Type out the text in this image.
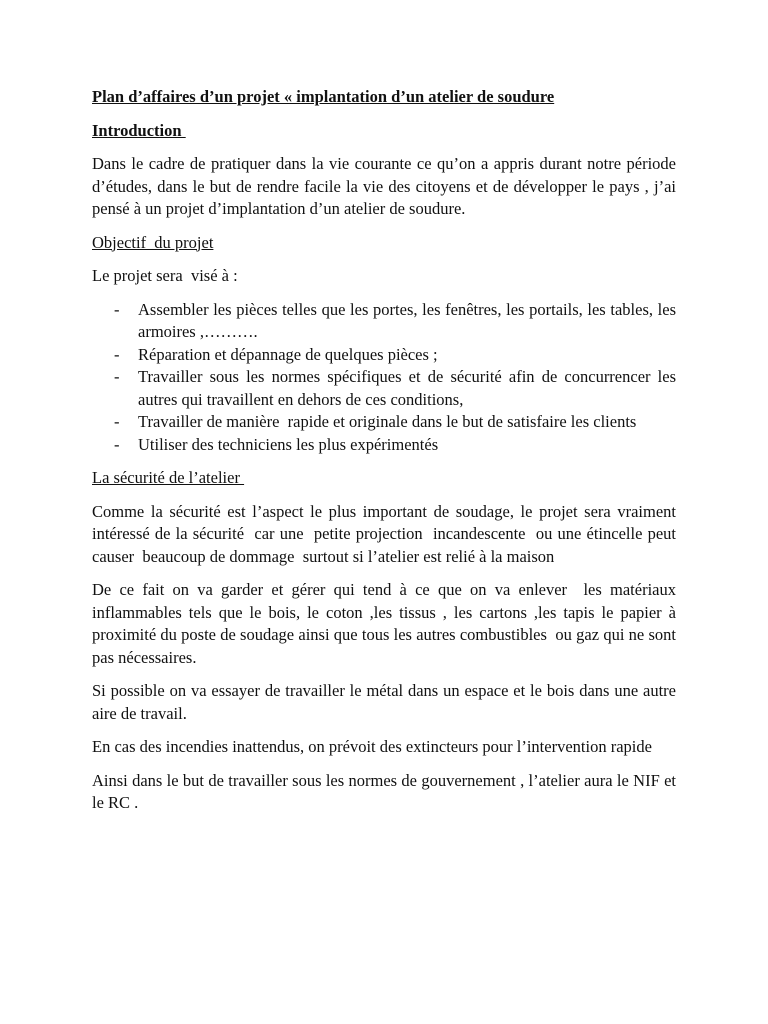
Plan d’affaires d’un projet « implantation d’un atelier de soudure
Introduction

Dans le cadre de pratiquer dans la vie courante ce qu’on a appris durant notre période d’études, dans le but de rendre facile la vie des citoyens et de développer le pays , j’ai pensé à un projet d’implantation d’un atelier de soudure.

Objectif  du projet

Le projet sera  visé à :

- Assembler les pièces telles que les portes, les fenêtres, les portails, les tables, les armoires ,……….
- Réparation et dépannage de quelques pièces ;
- Travailler sous les normes spécifiques et de sécurité afin de concurrencer les autres qui travaillent en dehors de ces conditions,
- Travailler de manière  rapide et originale dans le but de satisfaire les clients
- Utiliser des techniciens les plus expérimentés
La sécurité de l’atelier

Comme la sécurité est l’aspect le plus important de soudage, le projet sera vraiment intéressé de la sécurité  car une  petite projection  incandescente  ou une étincelle peut causer  beaucoup de dommage  surtout si l’atelier est relié à la maison

De ce fait on va garder et gérer qui tend à ce que on va enlever  les matériaux inflammables tels que le bois, le coton ,les tissus , les cartons ,les tapis le papier à proximité du poste de soudage ainsi que tous les autres combustibles  ou gaz qui ne sont pas nécessaires.

Si possible on va essayer de travailler le métal dans un espace et le bois dans une autre aire de travail.

En cas des incendies inattendus, on prévoit des extincteurs pour l’intervention rapide

Ainsi dans le but de travailler sous les normes de gouvernement , l’atelier aura le NIF et le RC .
